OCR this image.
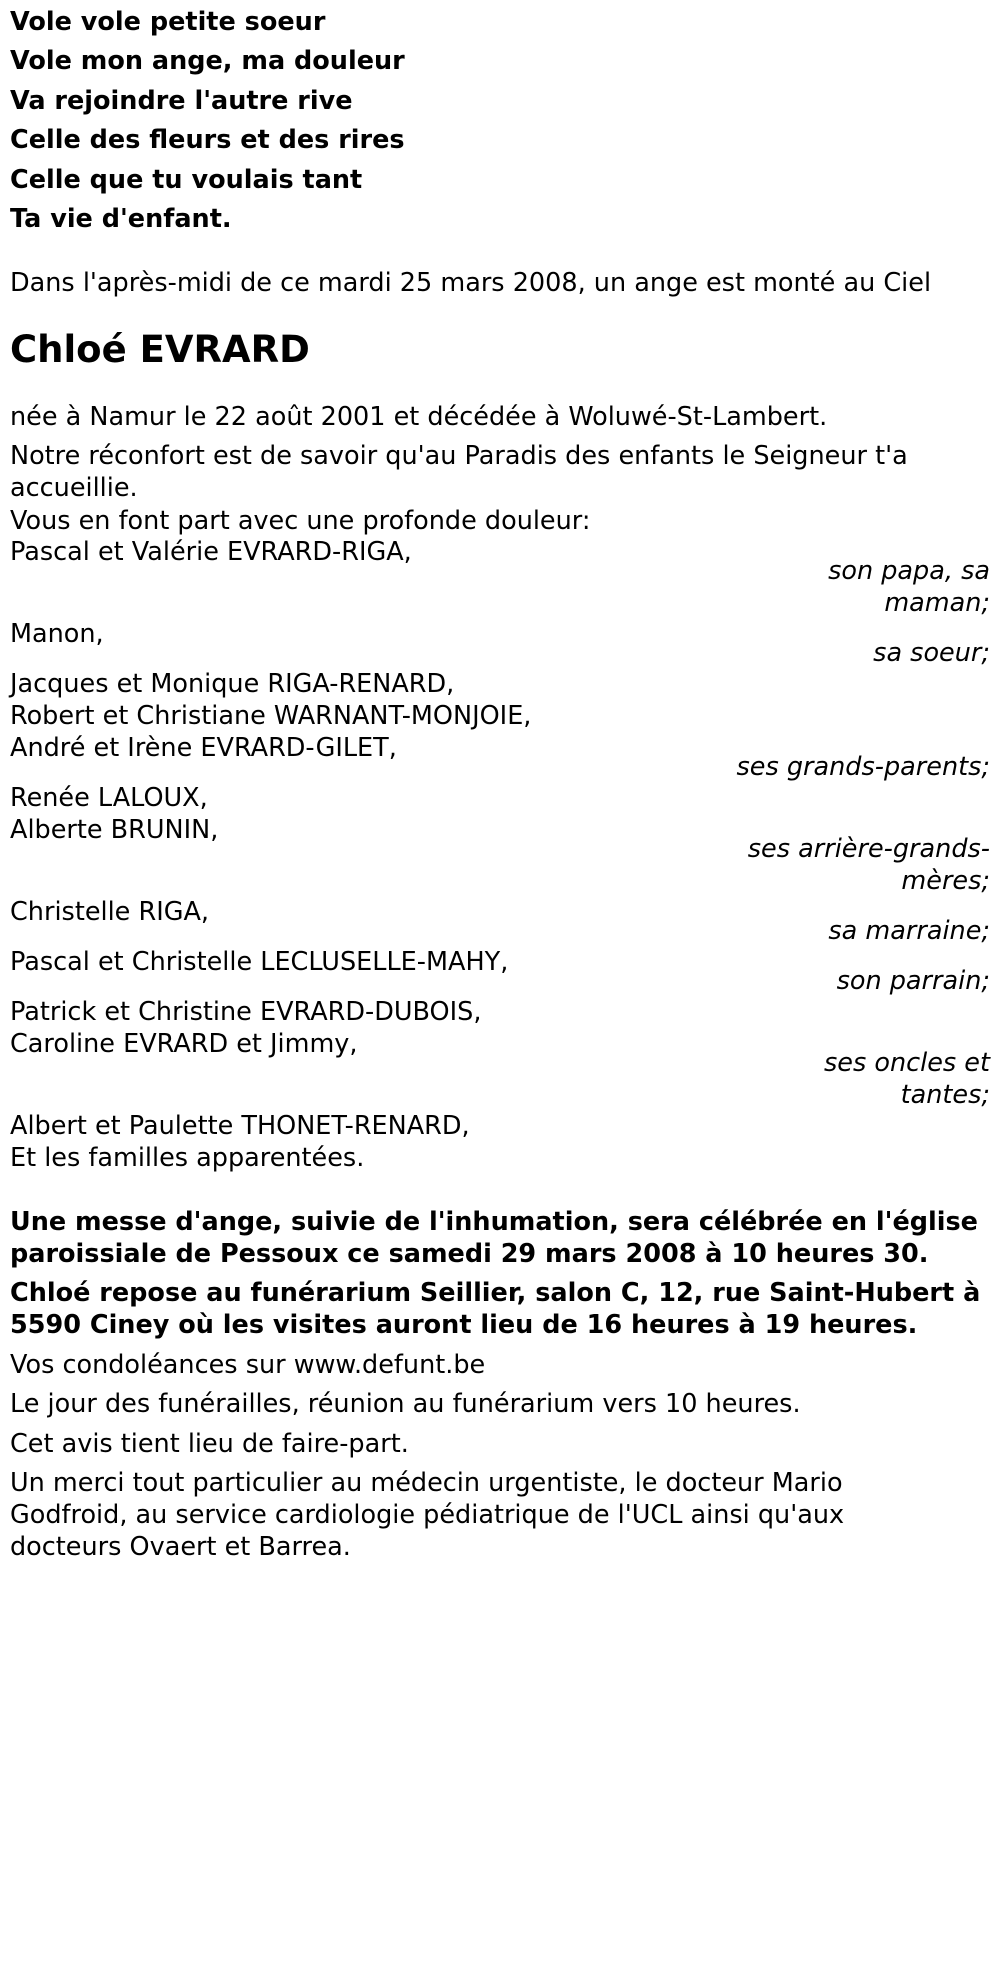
Vole vole petite soeur
Vole mon ange, ma douleur
Va rejoindre l'autre rive
Celle des fleurs et des rires
Celle que tu voulais tant
Ta vie d'enfant.
Dans l'après-midi de ce mardi 25 mars 2008, un ange est monté au Ciel
Chloé EVRARD
née à Namur le 22 août 2001 et décédée à Woluwé-St-Lambert.
Notre réconfort est de savoir qu'au Paradis des enfants le Seigneur t'a
accueillie.
Vous en font part avec une profonde douleur:
Pascal et Valérie EVRARD-RIGA,
son papa, sa
maman;
Manon,
sa soeur;
Jacques et Monique RIGA-RENARD,
Robert et Christiane WARNANT-MONJOIE,
André et Irène EVRARD-GILET,
ses grands-parents;
Renée LALOUX,
Alberte BRUNIN,
ses arrière-grands-
mères;
Christelle RIGA,
sa marraine;
Pascal et Christelle LECLUSELLE-MAHY,
son parrain;
Patrick et Christine EVRARD-DUBOIS,
Caroline EVRARD et Jimmy,
ses oncles et
tantes;
Albert et Paulette THONET-RENARD,
Et les familles apparentées.
Une messe d'ange, suivie de l'inhumation, sera célébrée en l'église
paroissiale de Pessoux ce samedi 29 mars 2008 à 10 heures 30.
Chloé repose au funérarium Seillier, salon C, 12, rue Saint-Hubert à
5590 Ciney où les visites auront lieu de 16 heures à 19 heures.
Vos condoléances sur www.defunt.be
Le jour des funérailles, réunion au funérarium vers 10 heures.
Cet avis tient lieu de faire-part.
Un merci tout particulier au médecin urgentiste, le docteur Mario
Godfroid, au service cardiologie pédiatrique de l'UCL ainsi qu'aux
docteurs Ovaert et Barrea.
